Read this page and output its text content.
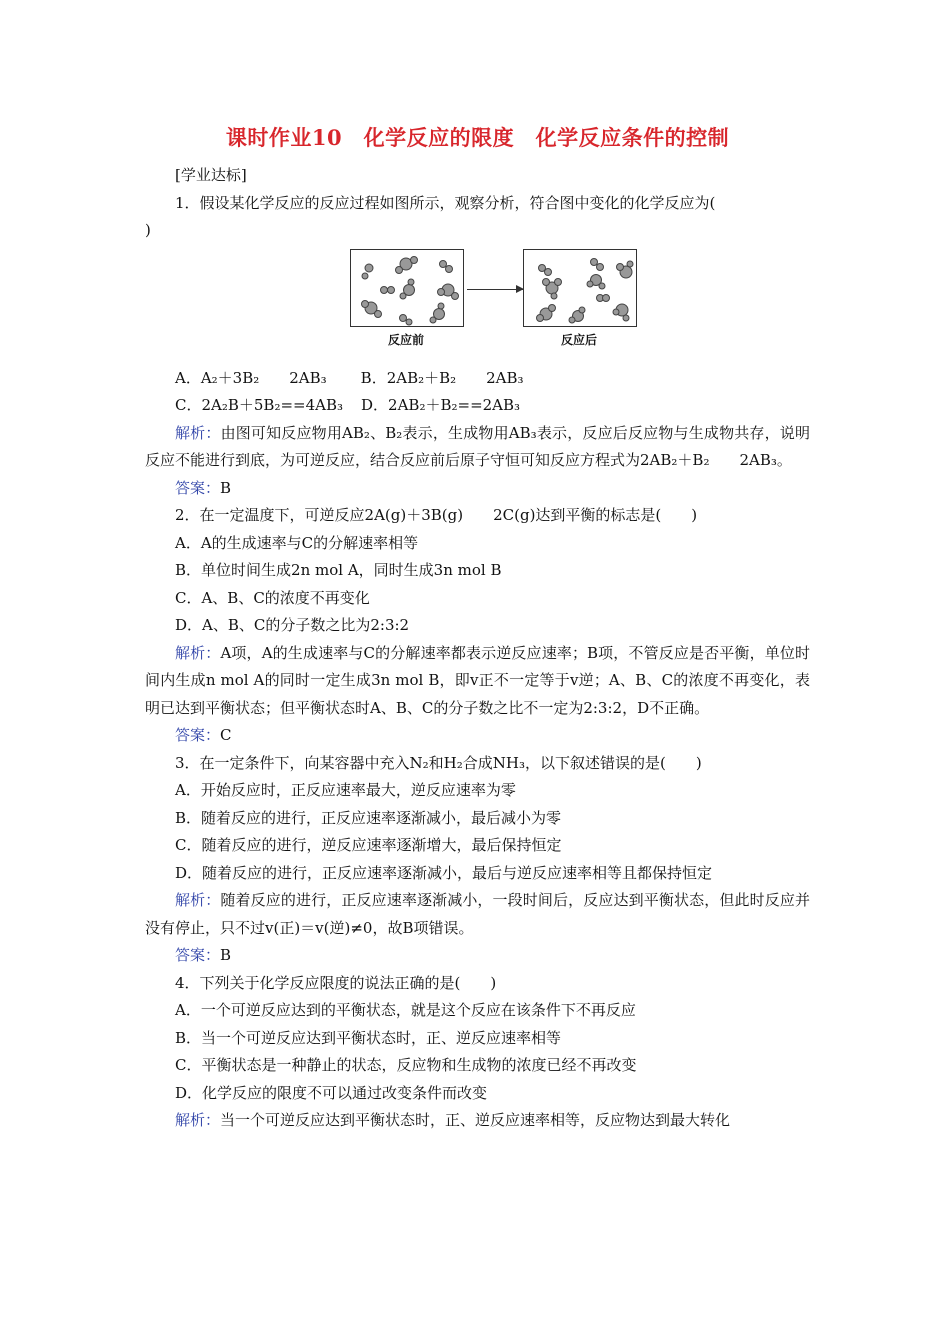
课时作业10　化学反应的限度　化学反应条件的控制
[学业达标]
1．假设某化学反应的反应过程如图所示，观察分析，符合图中变化的化学反应为(
)
反应前	反应后
A．A₂＋3B₂　　2AB₃ B．2AB₂＋B₂　　2AB₃
C．2A₂B＋5B₂==4AB₃ D．2AB₂＋B₂==2AB₃
解析：由图可知反应物用AB₂、B₂表示，生成物用AB₃表示，反应后反应物与生成物共存，说明反应不能进行到底，为可逆反应，结合反应前后原子守恒可知反应方程式为2AB₂＋B₂　　2AB₃。
答案：B
2．在一定温度下，可逆反应2A(g)＋3B(g)　　2C(g)达到平衡的标志是(　　)
A．A的生成速率与C的分解速率相等
B．单位时间生成2n mol A，同时生成3n mol B
C．A、B、C的浓度不再变化
D．A、B、C的分子数之比为2:3:2
解析：A项，A的生成速率与C的分解速率都表示逆反应速率；B项，不管反应是否平衡，单位时间内生成n mol A的同时一定生成3n mol B，即v正不一定等于v逆；A、B、C的浓度不再变化，表明已达到平衡状态；但平衡状态时A、B、C的分子数之比不一定为2:3:2，D不正确。
答案：C
3．在一定条件下，向某容器中充入N₂和H₂合成NH₃，以下叙述错误的是(　　)
A．开始反应时，正反应速率最大，逆反应速率为零
B．随着反应的进行，正反应速率逐渐减小，最后减小为零
C．随着反应的进行，逆反应速率逐渐增大，最后保持恒定
D．随着反应的进行，正反应速率逐渐减小，最后与逆反应速率相等且都保持恒定
解析：随着反应的进行，正反应速率逐渐减小，一段时间后，反应达到平衡状态，但此时反应并没有停止，只不过v(正)＝v(逆)≠0，故B项错误。
答案：B
4．下列关于化学反应限度的说法正确的是(　　)
A．一个可逆反应达到的平衡状态，就是这个反应在该条件下不再反应
B．当一个可逆反应达到平衡状态时，正、逆反应速率相等
C．平衡状态是一种静止的状态，反应物和生成物的浓度已经不再改变
D．化学反应的限度不可以通过改变条件而改变
解析：当一个可逆反应达到平衡状态时，正、逆反应速率相等，反应物达到最大转化
